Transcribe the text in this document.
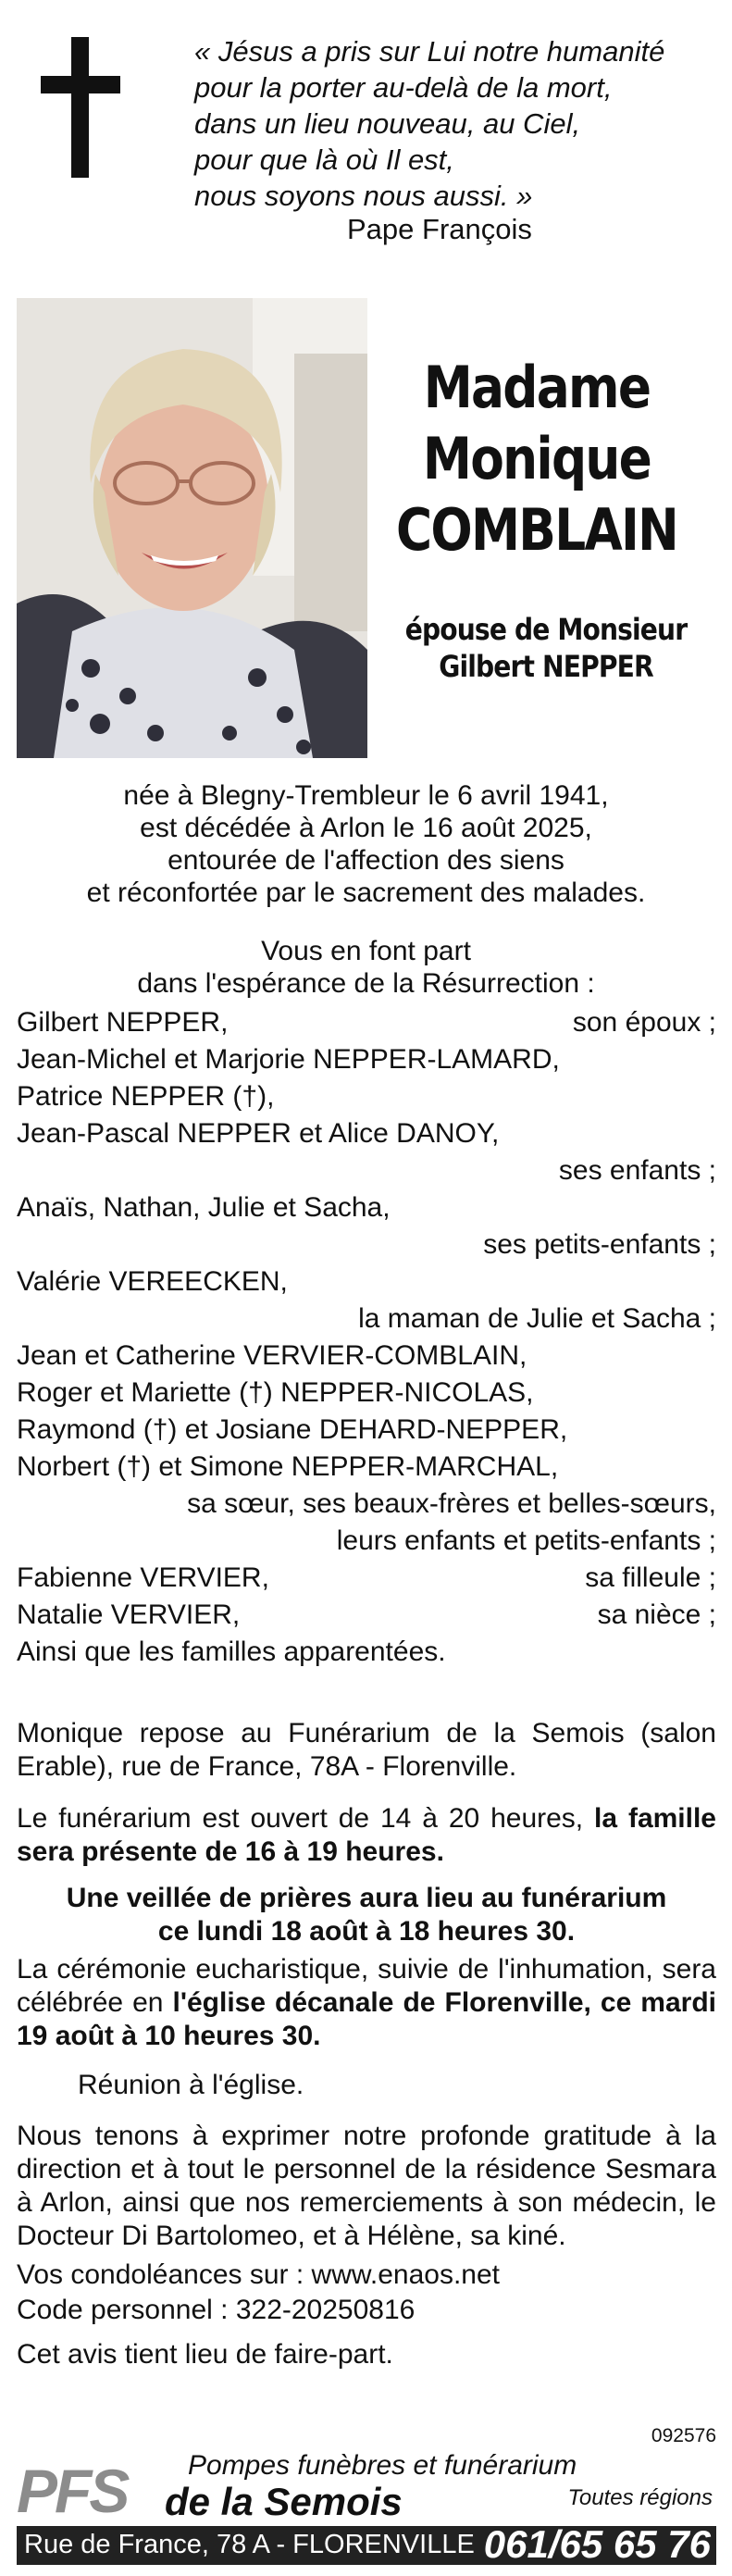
« Jésus a pris sur Lui notre humanité
pour la porter au-delà de la mort,
dans un lieu nouveau, au Ciel,
pour que là où Il est,
nous soyons nous aussi. »
Pape François
Madame
Monique
COMBLAIN
épouse de Monsieur
Gilbert NEPPER
née à Blegny-Trembleur le 6 avril 1941,
est décédée à Arlon le 16 août 2025,
entourée de l'affection des siens
et réconfortée par le sacrement des malades.
Vous en font part
dans l'espérance de la Résurrection :
Gilbert NEPPER,	son époux ;
Jean-Michel et Marjorie NEPPER-LAMARD,
Patrice NEPPER (†),
Jean-Pascal NEPPER et Alice DANOY,
ses enfants ;
Anaïs, Nathan, Julie et Sacha,
ses petits-enfants ;
Valérie VEREECKEN,
la maman de Julie et Sacha ;
Jean et Catherine VERVIER-COMBLAIN,
Roger et Mariette (†) NEPPER-NICOLAS,
Raymond (†) et Josiane DEHARD-NEPPER,
Norbert (†) et Simone NEPPER-MARCHAL,
sa sœur, ses beaux-frères et belles-sœurs,
leurs enfants et petits-enfants ;
Fabienne VERVIER,	sa filleule ;
Natalie VERVIER,	sa nièce ;
Ainsi que les familles apparentées.
Monique repose au Funérarium de la Semois (salon Erable), rue de France, 78A - Florenville.
Le funérarium est ouvert de 14 à 20 heures, la famille sera présente de 16 à 19 heures.
Une veillée de prières aura lieu au funérarium
ce lundi 18 août à 18 heures 30.
La cérémonie eucharistique, suivie de l'inhumation, sera célébrée en l'église décanale de Florenville, ce mardi 19 août à 10 heures 30.
Réunion à l'église.
Nous tenons à exprimer notre profonde gratitude à la direction et à tout le personnel de la résidence Sesmara à Arlon, ainsi que nos remerciements à son médecin, le Docteur Di Bartolomeo, et à Hélène, sa kiné.
Vos condoléances sur : www.enaos.net
Code personnel : 322-20250816
Cet avis tient lieu de faire-part.
092576
PFS Pompes funèbres et funérarium
de la Semois	Toutes régions
Rue de France, 78 A - FLORENVILLE 061/65 65 76
